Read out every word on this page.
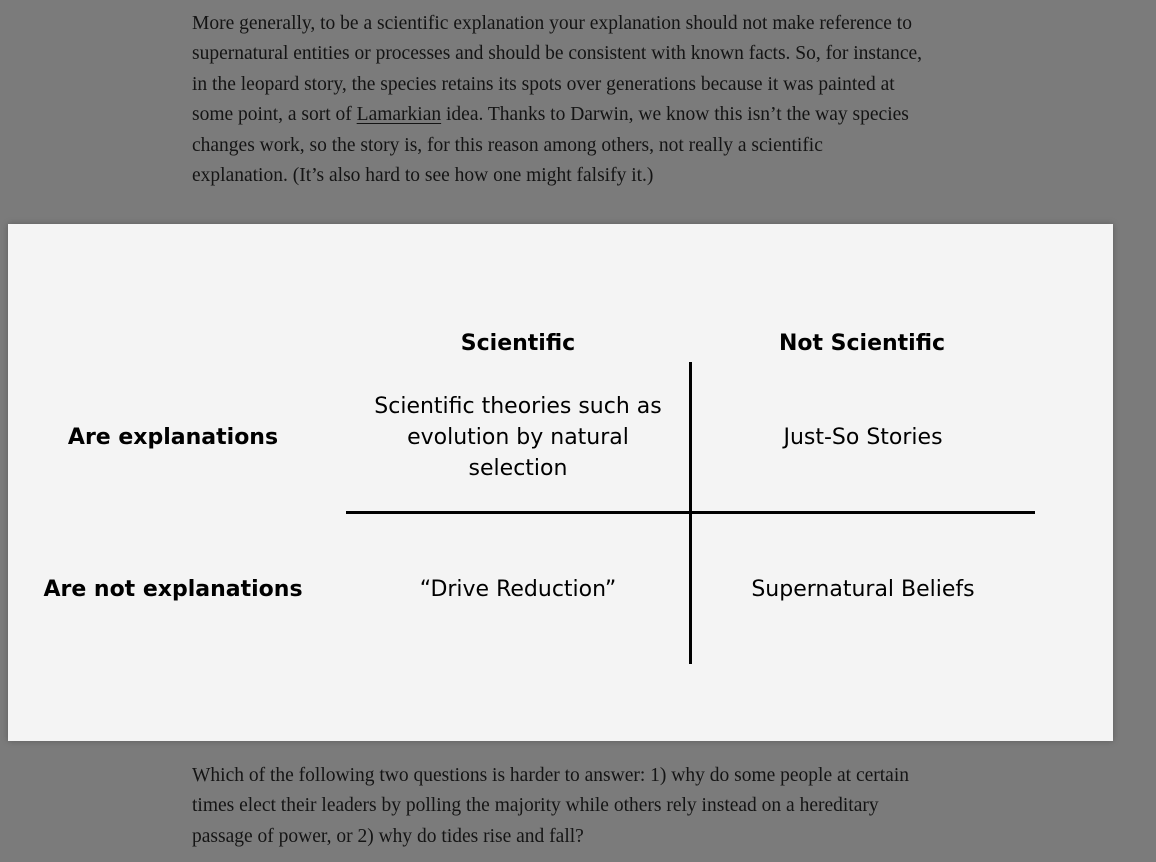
More generally, to be a scientific explanation your explanation should not make reference to supernatural entities or processes and should be consistent with known facts. So, for instance, in the leopard story, the species retains its spots over generations because it was painted at some point, a sort of Lamarkian idea. Thanks to Darwin, we know this isn’t the way species changes work, so the story is, for this reason among others, not really a scientific explanation. (It’s also hard to see how one might falsify it.)

Scientific	Not Scientific
Are explanations
Are not explanations
Scientific theories such as evolution by natural selection
Just-So Stories
“Drive Reduction”	Supernatural Beliefs

Which of the following two questions is harder to answer: 1) why do some people at certain times elect their leaders by polling the majority while others rely instead on a hereditary passage of power, or 2) why do tides rise and fall?
